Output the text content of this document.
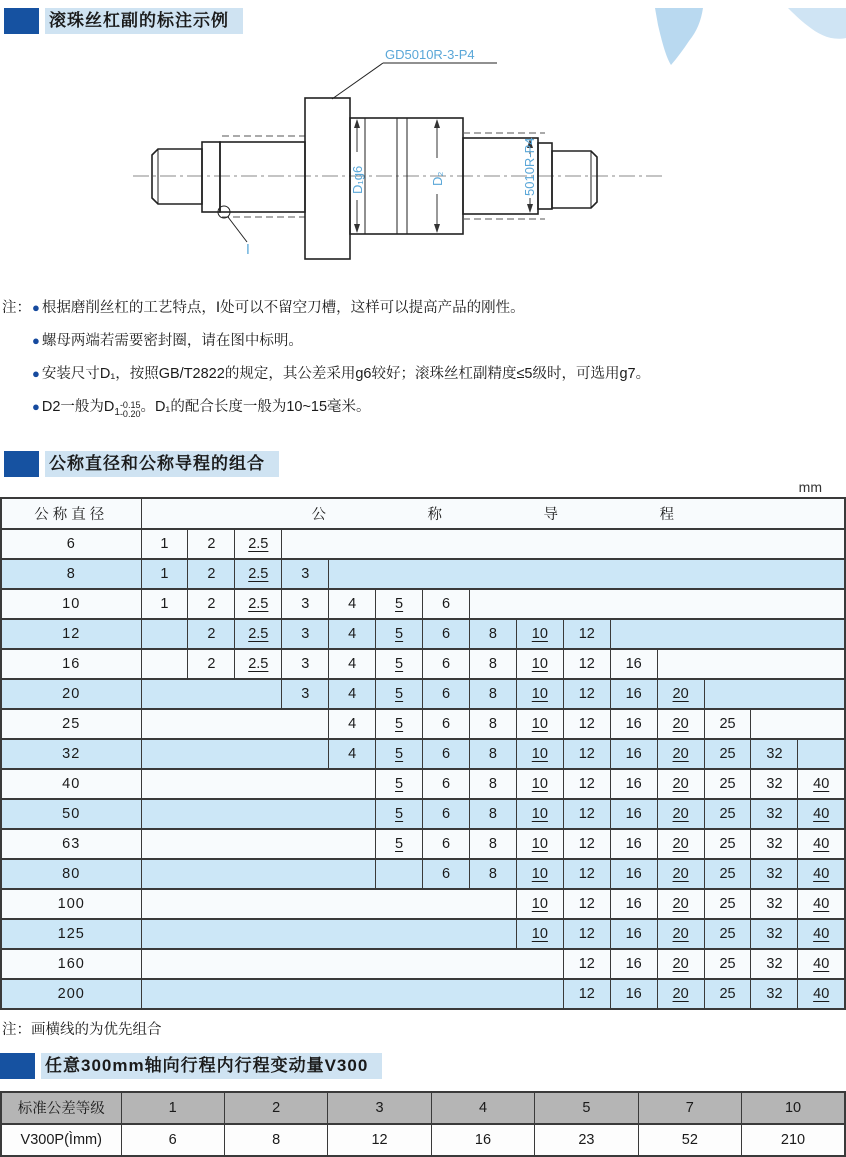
滚珠丝杠副的标注示例
Ⅰ
D₁g6	D₂	5010R-P4
GD5010R-3-P4
注： ● 根据磨削丝杠的工艺特点，Ⅰ处可以不留空刀槽，这样可以提高产品的刚性。
● 螺母两端若需要密封圈，请在图中标明。
● 安装尺寸D₁，按照GB/T2822的规定，其公差采用g6较好；滚珠丝杠副精度≤5级时，可选用g7。
● D2一般为$D_1$
-0.15
-0.20 。D₁的配合长度一般为10~15毫米。
公称直径和公称导程的组合
mm
公称直径	公 称 导 程														

6	1	2	2.5												
8	1	2	2.5	3											
10	1	2	2.5	3	4	5	6								
12		2	2.5	3	4	5	6	8	10	12					
16		2	2.5	3	4	5	6	8	10	12	16				
20				3	4	5	6	8	10	12	16	20			
25					4	5	6	8	10	12	16	20	25		
32					4	5	6	8	10	12	16	20	25	32	
40						5	6	8	10	12	16	20	25	32	40
50						5	6	8	10	12	16	20	25	32	40
63						5	6	8	10	12	16	20	25	32	40
80							6	8	10	12	16	20	25	32	40
100									10	12	16	20	25	32	40
125									10	12	16	20	25	32	40
160										12	16	20	25	32	40
200										12	16	20	25	32	40
注：画横线的为优先组合
任意300mm轴向行程内行程变动量V300
标准公差等级	1	2	3	4	5	7	10
V300P(Ìmm)	6	8	12	16	23	52	210
